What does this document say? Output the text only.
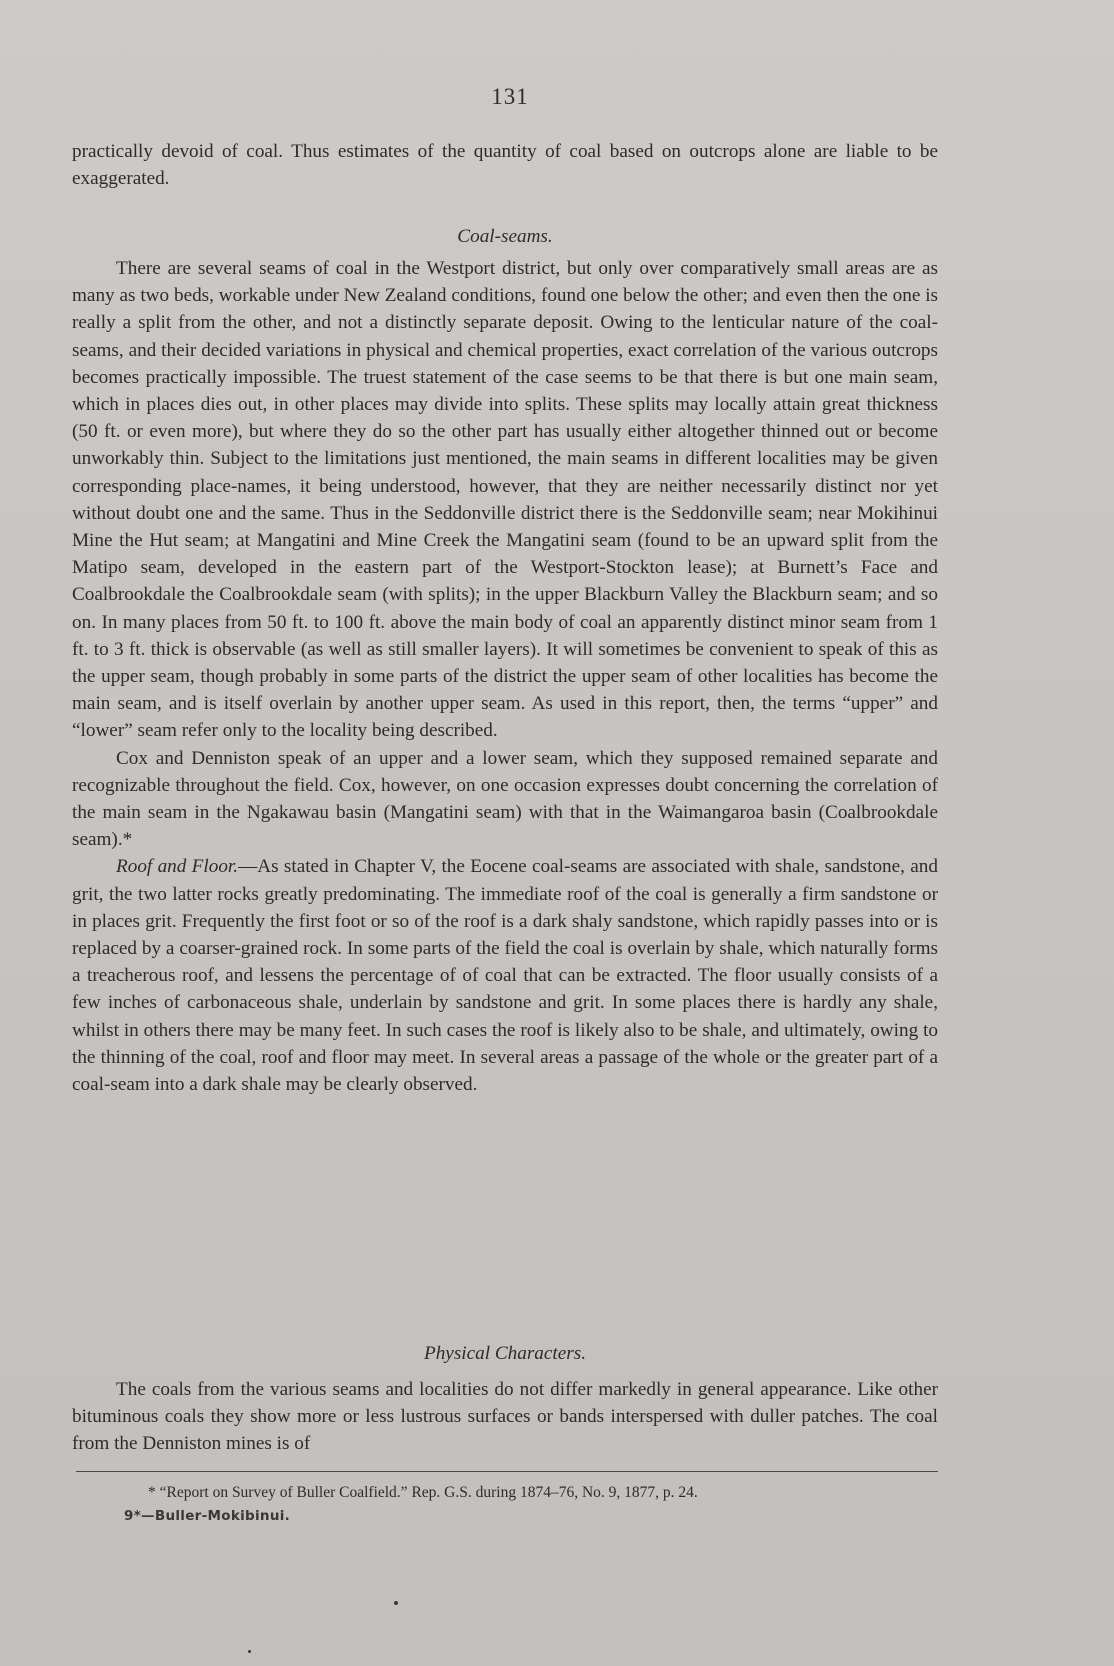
131

practically devoid of coal. Thus estimates of the quantity of coal based on outcrops alone are liable to be exaggerated.

Coal-seams.

There are several seams of coal in the Westport district, but only over comparatively small areas are as many as two beds, workable under New Zealand conditions, found one below the other; and even then the one is really a split from the other, and not a distinctly separate deposit. Owing to the lenticular nature of the coal-seams, and their decided variations in physical and chemical properties, exact correlation of the various outcrops becomes practically impossible. The truest statement of the case seems to be that there is but one main seam, which in places dies out, in other places may divide into splits. These splits may locally attain great thickness (50 ft. or even more), but where they do so the other part has usually either altogether thinned out or become unworkably thin. Subject to the limitations just mentioned, the main seams in different localities may be given corresponding place-names, it being understood, however, that they are neither necessarily distinct nor yet without doubt one and the same. Thus in the Seddonville district there is the Seddonville seam; near Mokihinui Mine the Hut seam; at Mangatini and Mine Creek the Mangatini seam (found to be an upward split from the Matipo seam, developed in the eastern part of the Westport-Stockton lease); at Burnett’s Face and Coalbrookdale the Coalbrookdale seam (with splits); in the upper Blackburn Valley the Blackburn seam; and so on. In many places from 50 ft. to 100 ft. above the main body of coal an apparently distinct minor seam from 1 ft. to 3 ft. thick is observable (as well as still smaller layers). It will sometimes be convenient to speak of this as the upper seam, though probably in some parts of the district the upper seam of other localities has become the main seam, and is itself overlain by another upper seam. As used in this report, then, the terms “upper” and “lower” seam refer only to the locality being described.

Cox and Denniston speak of an upper and a lower seam, which they supposed remained separate and recognizable throughout the field. Cox, however, on one occasion expresses doubt concerning the correlation of the main seam in the Ngakawau basin (Mangatini seam) with that in the Waimangaroa basin (Coalbrookdale seam).*

Roof and Floor.—As stated in Chapter V, the Eocene coal-seams are associated with shale, sandstone, and grit, the two latter rocks greatly predominating. The immediate roof of the coal is generally a firm sandstone or in places grit. Frequently the first foot or so of the roof is a dark shaly sandstone, which rapidly passes into or is replaced by a coarser-grained rock. In some parts of the field the coal is overlain by shale, which naturally forms a treacherous roof, and lessens the percentage of of coal that can be extracted. The floor usually consists of a few inches of carbonaceous shale, underlain by sandstone and grit. In some places there is hardly any shale, whilst in others there may be many feet. In such cases the roof is likely also to be shale, and ultimately, owing to the thinning of the coal, roof and floor may meet. In several areas a passage of the whole or the greater part of a coal-seam into a dark shale may be clearly observed.

Physical Characters.

The coals from the various seams and localities do not differ markedly in general appearance. Like other bituminous coals they show more or less lustrous surfaces or bands interspersed with duller patches. The coal from the Denniston mines is of

* “Report on Survey of Buller Coalfield.” Rep. G.S. during 1874–76, No. 9, 1877, p. 24.
9*—Buller-Mokibinui.
